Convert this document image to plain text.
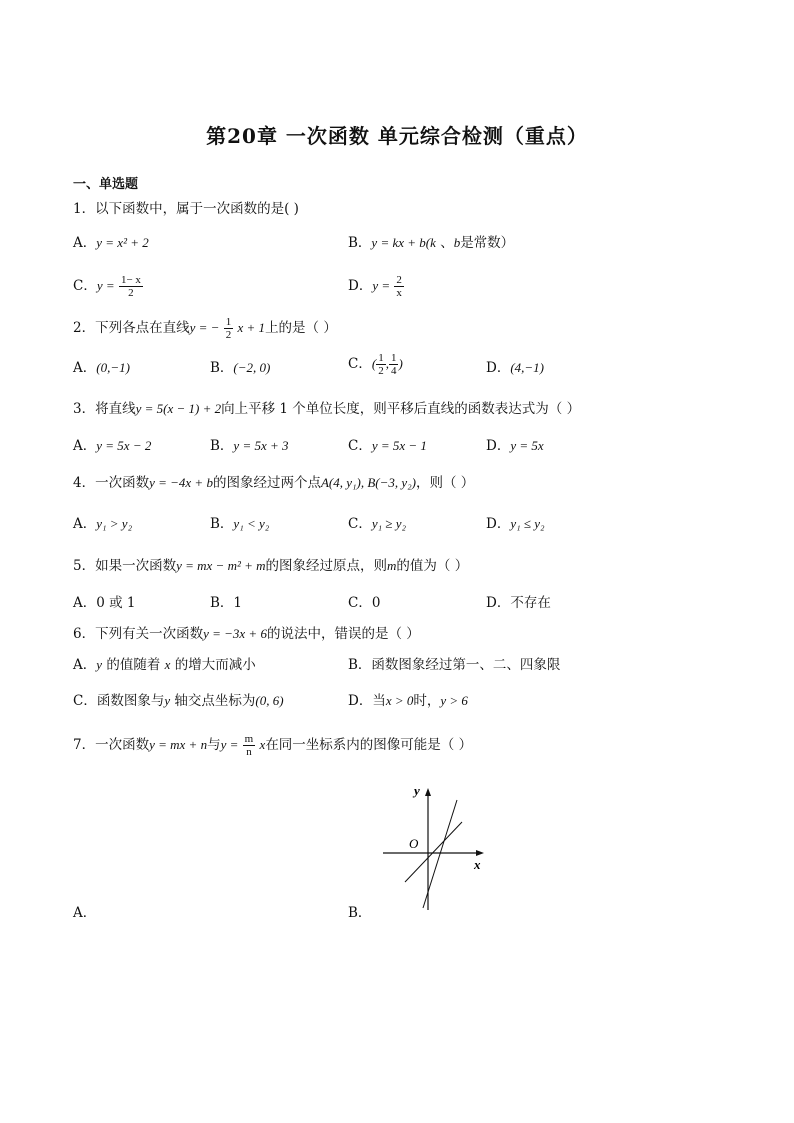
第20章 一次函数 单元综合检测（重点）
一、单选题
1．以下函数中，属于一次函数的是( )
A．y = x² + 2	B．y = kx + b(k 、b是常数）
C．$y = \frac{1- x}{2}$	D．$y = \frac{2}{x}$
2．下列各点在直线y = − $\frac{1}{2}$ x + 1上的是（ ）
A．(0,−1)	B．(−2, 0)	C．( $\frac{1}{2}$ , $\frac{1}{4}$ )	D．(4,−1)
3．将直线y = 5(x − 1) + 2向上平移 1 个单位长度，则平移后直线的函数表达式为（ ）
A．y = 5x − 2	B．y = 5x + 3	C．y = 5x − 1	D．y = 5x
4．一次函数y = −4x + b的图象经过两个点A(4, y₁), B(−3, y₂)，则（ ）
A．y₁ > y₂	B．y₁ < y₂	C．y₁ ≥ y₂	D．y₁ ≤ y₂
5．如果一次函数y = mx − m² + m的图象经过原点，则m的值为（ ）
A．0 或 1	B．1	C．0	D．不存在
6．下列有关一次函数y = −3x + 6的说法中，错误的是（ ）
A．y 的值随着 x 的增大而减小	B．函数图象经过第一、二、四象限
C．函数图象与y 轴交点坐标为(0, 6)	D．当x > 0时，y > 6
7．一次函数y = mx + n与$y = \frac{m}{n}$ x在同一坐标系内的图像可能是（ ）
y
x
O
A．	B．
